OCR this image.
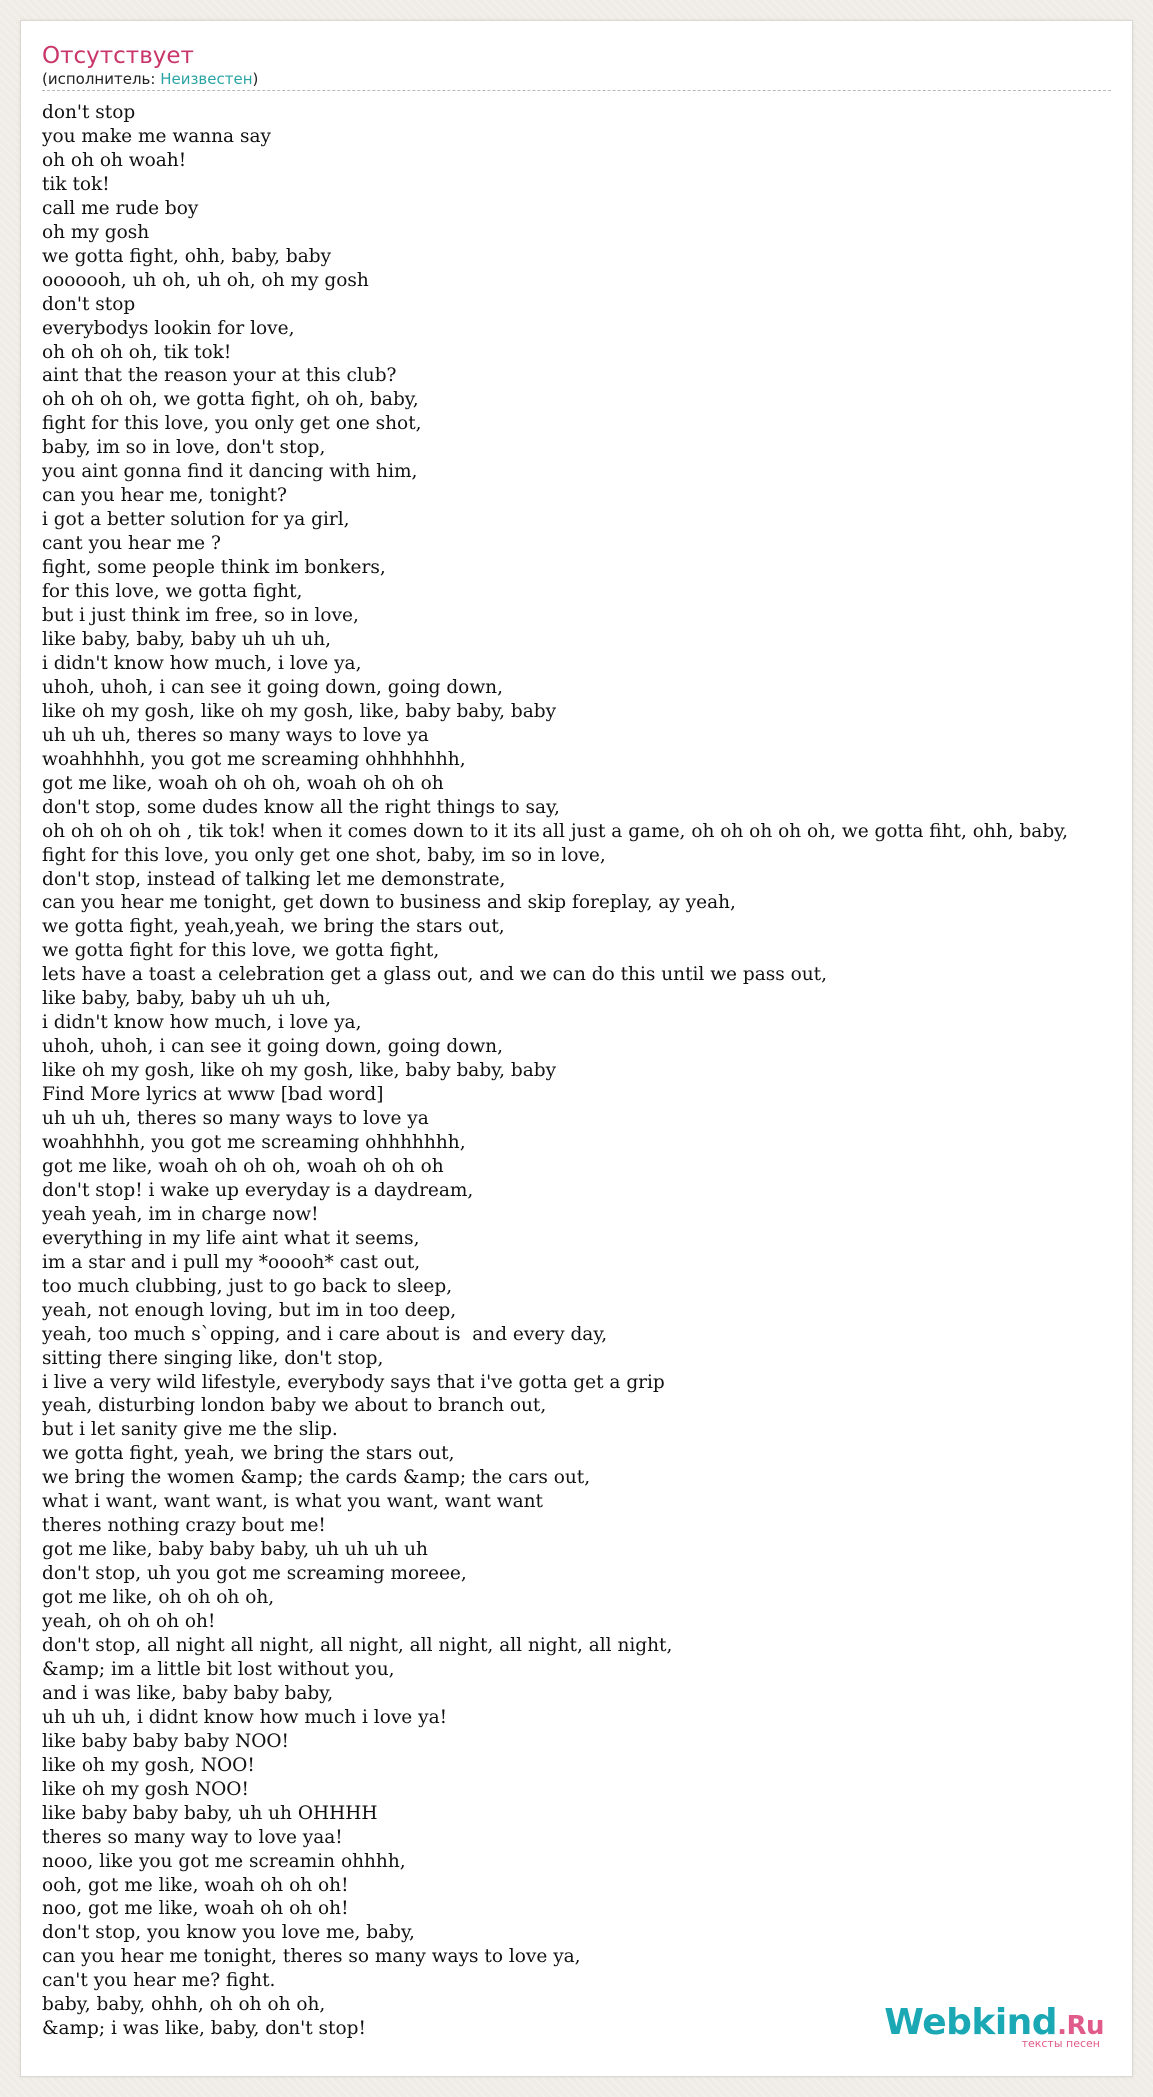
Отсутствует
(исполнитель: Неизвестен)
don't stop
you make me wanna say
oh oh oh woah!
tik tok!
call me rude boy
oh my gosh
we gotta fight, ohh, baby, baby
ooooooh, uh oh, uh oh, oh my gosh
don't stop
everybodys lookin for love,
oh oh oh oh, tik tok!
aint that the reason your at this club?
oh oh oh oh, we gotta fight, oh oh, baby,
fight for this love, you only get one shot,
baby, im so in love, don't stop,
you aint gonna find it dancing with him,
can you hear me, tonight?
i got a better solution for ya girl,
cant you hear me ?
fight, some people think im bonkers,
for this love, we gotta fight,
but i just think im free, so in love,
like baby, baby, baby uh uh uh,
i didn't know how much, i love ya,
uhoh, uhoh, i can see it going down, going down,
like oh my gosh, like oh my gosh, like, baby baby, baby
uh uh uh, theres so many ways to love ya
woahhhhh, you got me screaming ohhhhhhh,
got me like, woah oh oh oh, woah oh oh oh
don't stop, some dudes know all the right things to say,
oh oh oh oh oh , tik tok! when it comes down to it its all just a game, oh oh oh oh oh, we gotta fiht, ohh, baby,
fight for this love, you only get one shot, baby, im so in love,
don't stop, instead of talking let me demonstrate,
can you hear me tonight, get down to business and skip foreplay, ay yeah,
we gotta fight, yeah,yeah, we bring the stars out,
we gotta fight for this love, we gotta fight,
lets have a toast a celebration get a glass out, and we can do this until we pass out,
like baby, baby, baby uh uh uh,
i didn't know how much, i love ya,
uhoh, uhoh, i can see it going down, going down,
like oh my gosh, like oh my gosh, like, baby baby, baby
Find More lyrics at www [bad word]
uh uh uh, theres so many ways to love ya
woahhhhh, you got me screaming ohhhhhhh,
got me like, woah oh oh oh, woah oh oh oh
don't stop! i wake up everyday is a daydream,
yeah yeah, im in charge now!
everything in my life aint what it seems,
im a star and i pull my *ooooh* cast out,
too much clubbing, just to go back to sleep,
yeah, not enough loving, but im in too deep,
yeah, too much s`opping, and i care about is  and every day,
sitting there singing like, don't stop,
i live a very wild lifestyle, everybody says that i've gotta get a grip
yeah, disturbing london baby we about to branch out,
but i let sanity give me the slip.
we gotta fight, yeah, we bring the stars out,
we bring the women &amp; the cards &amp; the cars out,
what i want, want want, is what you want, want want
theres nothing crazy bout me!
got me like, baby baby baby, uh uh uh uh
don't stop, uh you got me screaming moreee,
got me like, oh oh oh oh,
yeah, oh oh oh oh!
don't stop, all night all night, all night, all night, all night, all night,
&amp; im a little bit lost without you,
and i was like, baby baby baby,
uh uh uh, i didnt know how much i love ya!
like baby baby baby NOO!
like oh my gosh, NOO!
like oh my gosh NOO!
like baby baby baby, uh uh OHHHH
theres so many way to love yaa!
nooo, like you got me screamin ohhhh,
ooh, got me like, woah oh oh oh!
noo, got me like, woah oh oh oh!
don't stop, you know you love me, baby,
can you hear me tonight, theres so many ways to love ya,
can't you hear me? fight.
baby, baby, ohhh, oh oh oh oh,
&amp; i was like, baby, don't stop!	Webkind.Ru
тексты песен
